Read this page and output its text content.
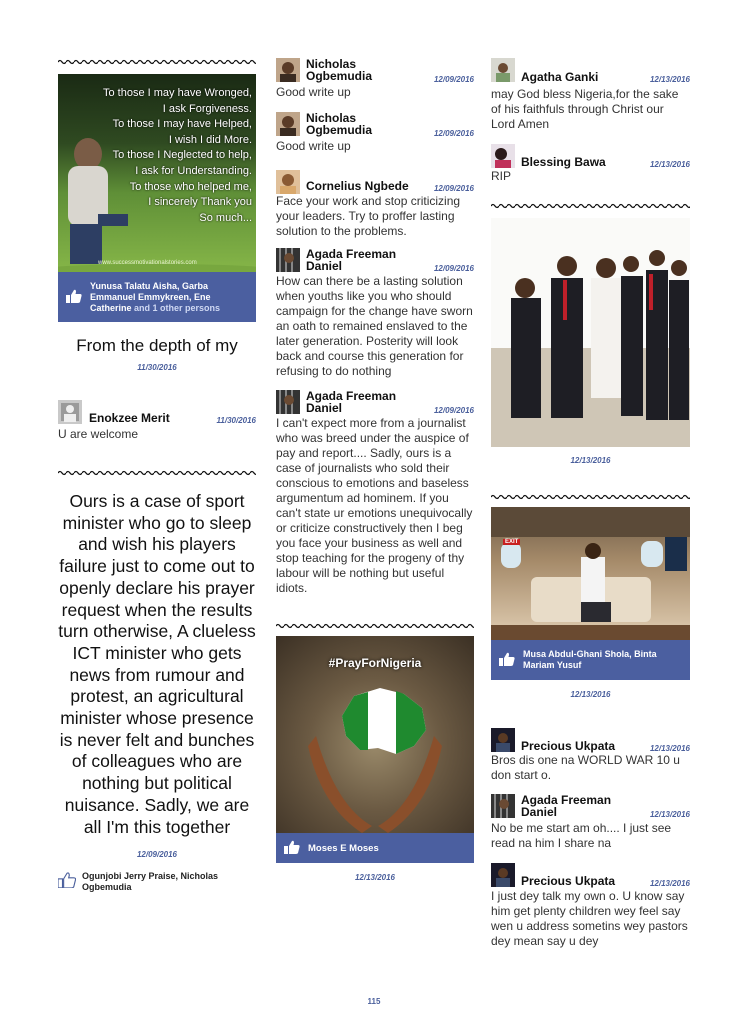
To those I may have Wronged,
I ask Forgiveness.
To those I may have Helped,
I wish I did More.
To those I Neglected to help,
I ask for Understanding.
To those who helped me,
I sincerely Thank you
So much...
www.successmotivationalstories.com
Yunusa Talatu Aisha, Garba Emmanuel Emmykreen, Ene Catherine and 1 other persons
From the depth of my
11/30/2016
Enokzee Merit	11/30/2016
U are welcome
Ours is a case of sport minister who go to sleep and wish his players failure just to come out to openly declare his prayer request when the results turn otherwise, A clueless ICT minister who gets news from rumour and protest, an agricultural minister whose presence is never felt and bunches of colleagues who are nothing but political nuisance. Sadly, we are all I'm this together
12/09/2016
Ogunjobi Jerry Praise, Nicholas Ogbemudia
Nicholas Ogbemudia	12/09/2016
Good write up
Nicholas Ogbemudia	12/09/2016
Good write up
Cornelius Ngbede	12/09/2016
Face your work and stop criticizing your leaders. Try to proffer lasting solution to the problems.
Agada Freeman Daniel	12/09/2016
How can there be a lasting solution when youths like you who should campaign for the change have sworn an oath to remained enslaved to the later generation. Posterity will look back and course this generation for refusing to do nothing
Agada Freeman Daniel	12/09/2016
I can't expect more from a journalist who was breed under the auspice of pay and report.... Sadly, ours is a case of journalists who sold their conscious to emotions and baseless argumentum ad hominem. If you can't state ur emotions unequivocally or criticize constructively then I beg you face your business as well and stop teaching for the progeny of thy labour will be nothing but useful idiots.
#PrayForNigeria
Moses E Moses
12/13/2016
Agatha Ganki	12/13/2016
may God bless Nigeria,for the sake of his faithfuls through Christ our Lord Amen
Blessing Bawa	12/13/2016
RIP
12/13/2016
EXIT
Musa Abdul-Ghani Shola, Binta Mariam Yusuf
12/13/2016
Precious Ukpata	12/13/2016
Bros dis one na WORLD WAR 10 u don start o.
Agada Freeman Daniel	12/13/2016
No be me start am oh.... I just see read na him I share na
Precious Ukpata	12/13/2016
I just dey talk my own o. U know say him get plenty children wey feel say wen u address sometins wey pastors dey mean say u dey
115
